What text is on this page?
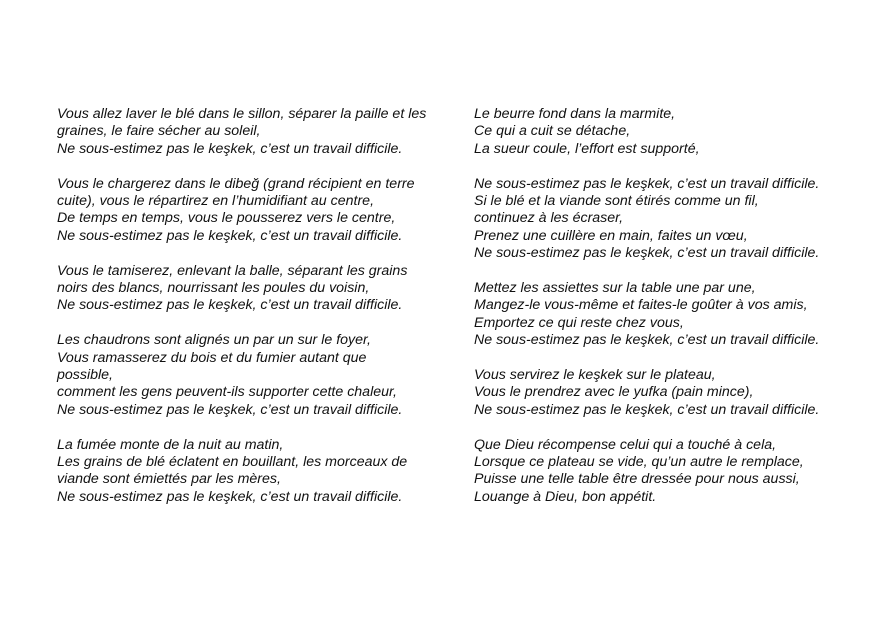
Vous allez laver le blé dans le sillon, séparer la paille et les
graines, le faire sécher au soleil,
Ne sous-estimez pas le keşkek, c’est un travail difficile.
Vous le chargerez dans le dibeğ (grand récipient en terre
cuite), vous le répartirez en l’humidifiant au centre,
De temps en temps, vous le pousserez vers le centre,
Ne sous-estimez pas le keşkek, c’est un travail difficile.
Vous le tamiserez, enlevant la balle, séparant les grains
noirs des blancs, nourrissant les poules du voisin,
Ne sous-estimez pas le keşkek, c’est un travail difficile.
Les chaudrons sont alignés un par un sur le foyer,
Vous ramasserez du bois et du fumier autant que
possible,
comment les gens peuvent-ils supporter cette chaleur,
Ne sous-estimez pas le keşkek, c’est un travail difficile.
La fumée monte de la nuit au matin,
Les grains de blé éclatent en bouillant, les morceaux de
viande sont émiettés par les mères,
Ne sous-estimez pas le keşkek, c’est un travail difficile.
Le beurre fond dans la marmite,
Ce qui a cuit se détache,
La sueur coule, l’effort est supporté,
Ne sous-estimez pas le keşkek, c’est un travail difficile.
Si le blé et la viande sont étirés comme un fil,
continuez à les écraser,
Prenez une cuillère en main, faites un vœu,
Ne sous-estimez pas le keşkek, c’est un travail difficile.
Mettez les assiettes sur la table une par une,
Mangez-le vous-même et faites-le goûter à vos amis,
Emportez ce qui reste chez vous,
Ne sous-estimez pas le keşkek, c’est un travail difficile.
Vous servirez le keşkek sur le plateau,
Vous le prendrez avec le yufka (pain mince),
Ne sous-estimez pas le keşkek, c’est un travail difficile.
Que Dieu récompense celui qui a touché à cela,
Lorsque ce plateau se vide, qu’un autre le remplace,
Puisse une telle table être dressée pour nous aussi,
Louange à Dieu, bon appétit.
